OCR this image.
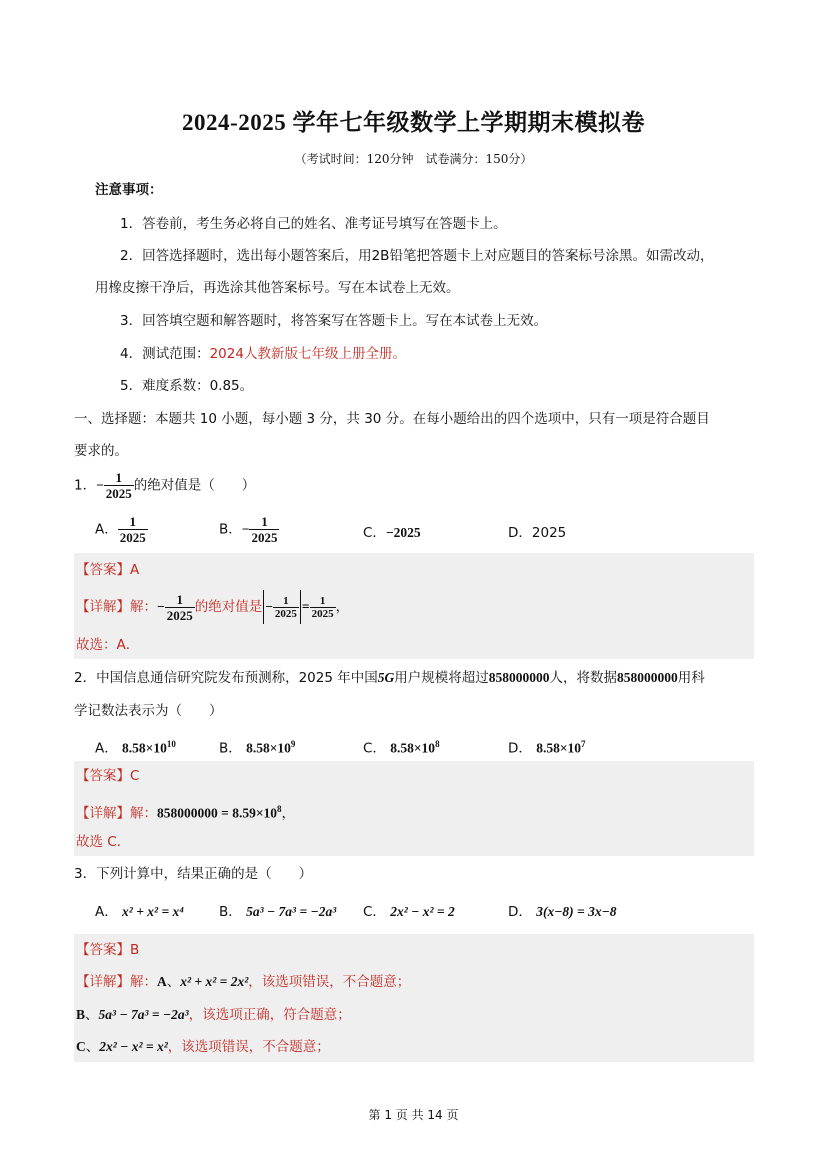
2024-2025 学年七年级数学上学期期末模拟卷
（考试时间：120分钟　试卷满分：150分）
注意事项：
1．答卷前，考生务必将自己的姓名、准考证号填写在答题卡上。
2．回答选择题时，选出每小题答案后，用2B铅笔把答题卡上对应题目的答案标号涂黑。如需改动，
用橡皮擦干净后，再选涂其他答案标号。写在本试卷上无效。
3．回答填空题和解答题时，将答案写在答题卡上。写在本试卷上无效。
4．测试范围：2024人教新版七年级上册全册。
5．难度系数：0.85。
一、选择题：本题共 10 小题，每小题 3 分，共 30 分。在每小题给出的四个选项中，只有一项是符合题目
要求的。
1．− $\frac{1}{2025}$ 的绝对值是（　　）
A． $\frac{1}{2025}$	B．− $\frac{1}{2025}$	C．−2025	D．2025
【答案】A
【详解】解：− $\frac{1}{2025}$ 的绝对值是 − $\frac{1}{2025} = \frac{1}{2025}$ ，
故选：A．
2．中国信息通信研究院发布预测称，2025 年中国5G用户规模将超过858000000人，将数据858000000用科
学记数法表示为（　　）
A． $8.58\times 10^{10}$	B． $8.58\times 10^9$	C． $8.58\times 10^8$	D． $8.58\times 10^7$
【答案】C
【详解】解：$858000000 = 8.59\times 10^8$，
故选 C．
3．下列计算中，结果正确的是（　　）
A． x² + x² = x⁴	B． 5a³ − 7a³ = −2a³ C． 2x² − x² = 2	D． 3(x−8) = 3x−8
【答案】B
【详解】解：A、x² + x² = 2x²，该选项错误，不合题意；
B、5a³ − 7a³ = −2a³，该选项正确，符合题意；
C、2x² − x² = x²，该选项错误，不合题意；
第 1 页 共 14 页
